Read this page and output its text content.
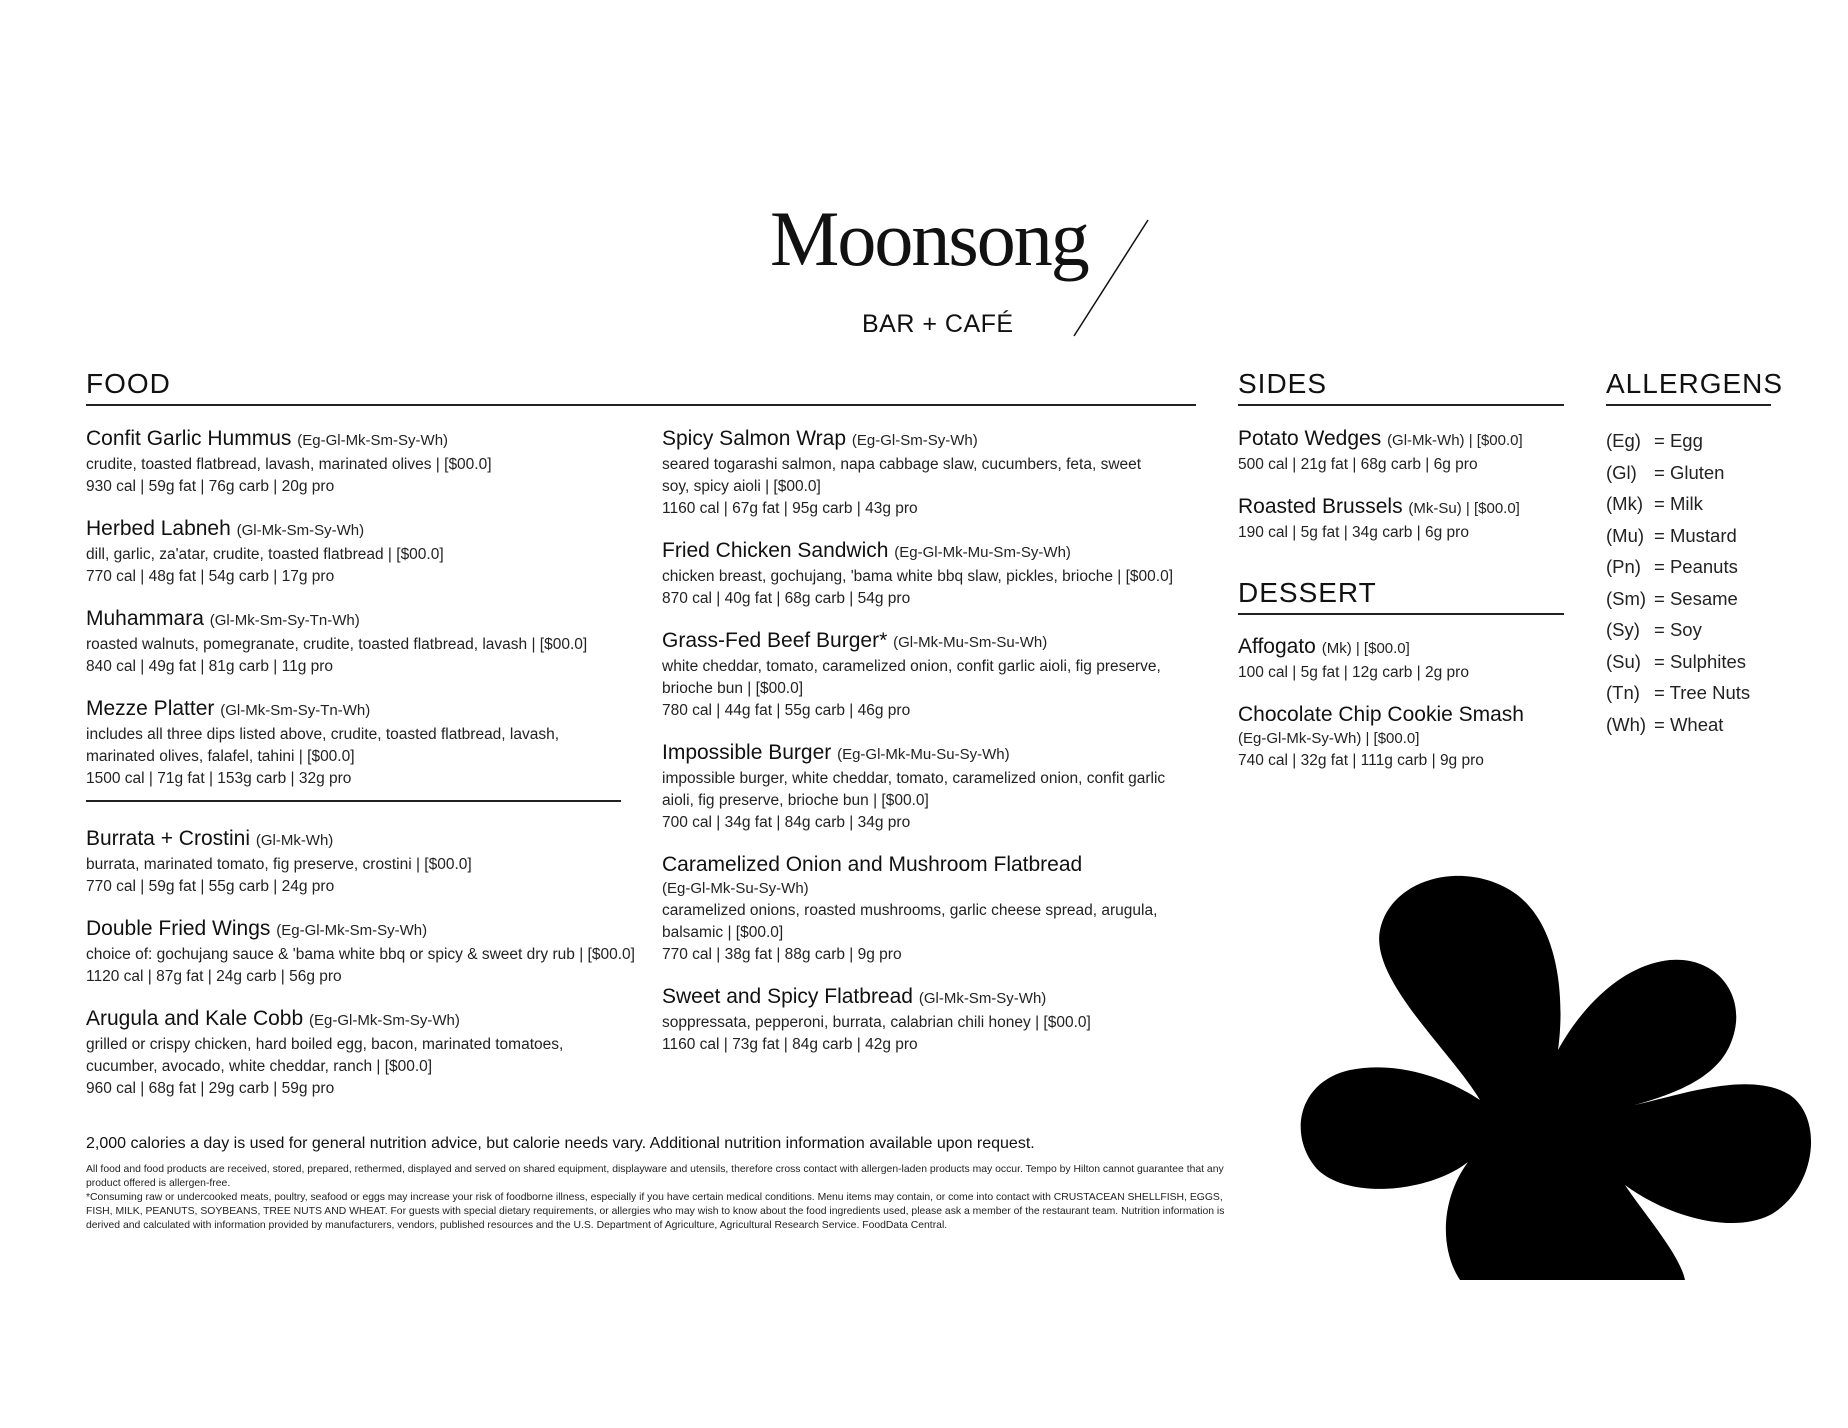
Moonsong
BAR + CAFÉ
FOOD	SIDES
DESSERT
ALLERGENS
Confit Garlic Hummus (Eg-Gl-Mk-Sm-Sy-Wh)
crudite, toasted flatbread, lavash, marinated olives | [$00.0]
930 cal | 59g fat | 76g carb | 20g pro
Herbed Labneh (Gl-Mk-Sm-Sy-Wh)
dill, garlic, za'atar, crudite, toasted flatbread | [$00.0]
770 cal | 48g fat | 54g carb | 17g pro
Muhammara (Gl-Mk-Sm-Sy-Tn-Wh)
roasted walnuts, pomegranate, crudite, toasted flatbread, lavash | [$00.0]
840 cal | 49g fat | 81g carb | 11g pro
Mezze Platter (Gl-Mk-Sm-Sy-Tn-Wh)
includes all three dips listed above, crudite, toasted flatbread, lavash, marinated olives, falafel, tahini | [$00.0]
1500 cal | 71g fat | 153g carb | 32g pro
Burrata + Crostini (Gl-Mk-Wh)
burrata, marinated tomato, fig preserve, crostini | [$00.0]
770 cal | 59g fat | 55g carb | 24g pro
Double Fried Wings (Eg-Gl-Mk-Sm-Sy-Wh)
choice of: gochujang sauce & 'bama white bbq or spicy & sweet dry rub | [$00.0]
1120 cal | 87g fat | 24g carb | 56g pro
Arugula and Kale Cobb (Eg-Gl-Mk-Sm-Sy-Wh)
grilled or crispy chicken, hard boiled egg, bacon, marinated tomatoes, cucumber, avocado, white cheddar, ranch | [$00.0]
960 cal | 68g fat | 29g carb | 59g pro
Spicy Salmon Wrap (Eg-Gl-Sm-Sy-Wh)
seared togarashi salmon, napa cabbage slaw, cucumbers, feta, sweet soy, spicy aioli | [$00.0]
1160 cal | 67g fat | 95g carb | 43g pro
Fried Chicken Sandwich (Eg-Gl-Mk-Mu-Sm-Sy-Wh)
chicken breast, gochujang, 'bama white bbq slaw, pickles, brioche | [$00.0]
870 cal | 40g fat | 68g carb | 54g pro
Grass-Fed Beef Burger* (Gl-Mk-Mu-Sm-Su-Wh)
white cheddar, tomato, caramelized onion, confit garlic aioli, fig preserve, brioche bun | [$00.0]
780 cal | 44g fat | 55g carb | 46g pro
Impossible Burger (Eg-Gl-Mk-Mu-Su-Sy-Wh)
impossible burger, white cheddar, tomato, caramelized onion, confit garlic aioli, fig preserve, brioche bun | [$00.0]
700 cal | 34g fat | 84g carb | 34g pro
Caramelized Onion and Mushroom Flatbread
(Eg-Gl-Mk-Su-Sy-Wh)
caramelized onions, roasted mushrooms, garlic cheese spread, arugula, balsamic | [$00.0]
770 cal | 38g fat | 88g carb | 9g pro
Sweet and Spicy Flatbread (Gl-Mk-Sm-Sy-Wh)
soppressata, pepperoni, burrata, calabrian chili honey | [$00.0]
1160 cal | 73g fat | 84g carb | 42g pro
Potato Wedges (Gl-Mk-Wh) | [$00.0]
500 cal | 21g fat | 68g carb | 6g pro
Roasted Brussels (Mk-Su) | [$00.0]
190 cal | 5g fat | 34g carb | 6g pro
Affogato (Mk) | [$00.0]
100 cal | 5g fat | 12g carb | 2g pro
Chocolate Chip Cookie Smash
(Eg-Gl-Mk-Sy-Wh) | [$00.0]
740 cal | 32g fat | 111g carb | 9g pro
(Eg) = Egg
(Gl) = Gluten
(Mk) = Milk
(Mu) = Mustard
(Pn) = Peanuts
(Sm) = Sesame
(Sy) = Soy
(Su) = Sulphites
(Tn) = Tree Nuts
(Wh) = Wheat
2,000 calories a day is used for general nutrition advice, but calorie needs vary. Additional nutrition information available upon request.
All food and food products are received, stored, prepared, rethermed, displayed and served on shared equipment, displayware and utensils, therefore cross contact with allergen-laden products may occur. Tempo by Hilton cannot guarantee that any product offered is allergen-free.
*Consuming raw or undercooked meats, poultry, seafood or eggs may increase your risk of foodborne illness, especially if you have certain medical conditions. Menu items may contain, or come into contact with CRUSTACEAN SHELLFISH, EGGS, FISH, MILK, PEANUTS, SOYBEANS, TREE NUTS AND WHEAT. For guests with special dietary requirements, or allergies who may wish to know about the food ingredients used, please ask a member of the restaurant team. Nutrition information is derived and calculated with information provided by manufacturers, vendors, published resources and the U.S. Department of Agriculture, Agricultural Research Service. FoodData Central.
